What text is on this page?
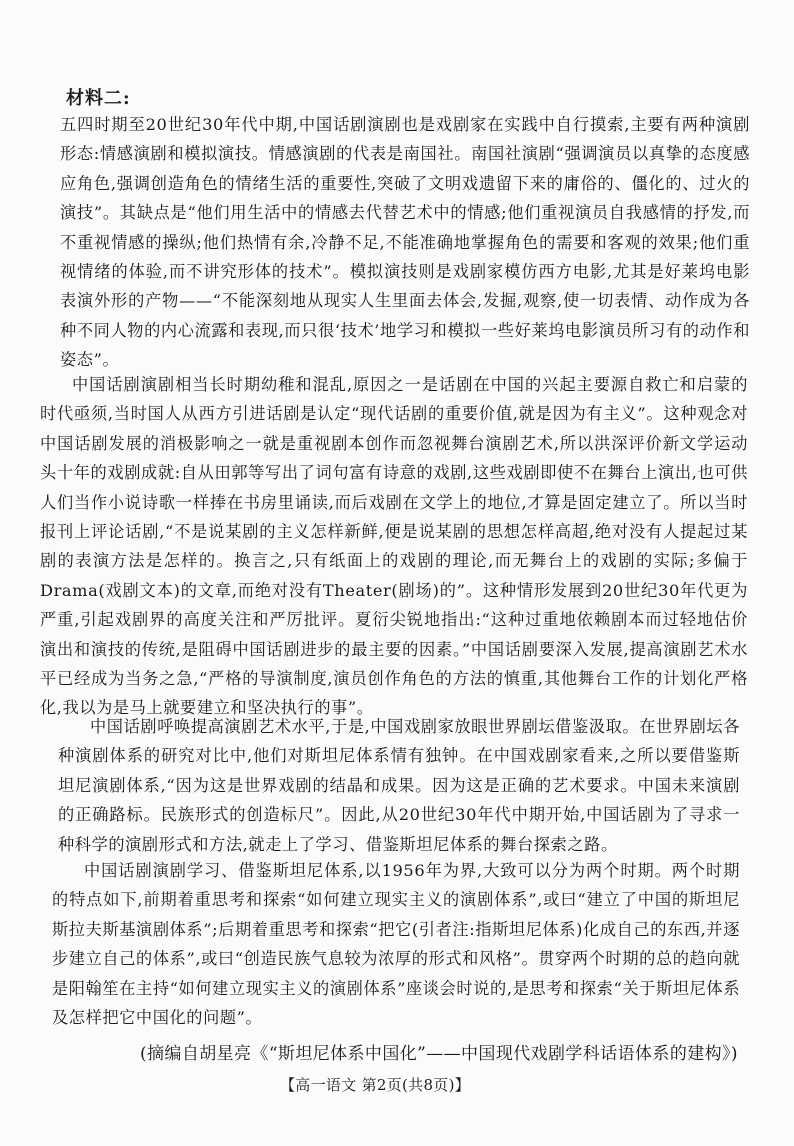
材料二:

五四时期至20世纪30年代中期,中国话剧演剧也是戏剧家在实践中自行摸索,主要有两种演剧形态:情感演剧和模拟演技。情感演剧的代表是南国社。南国社演剧“强调演员以真挚的态度感应角色,强调创造角色的情绪生活的重要性,突破了文明戏遗留下来的庸俗的、僵化的、过火的演技”。其缺点是“他们用生活中的情感去代替艺术中的情感;他们重视演员自我感情的抒发,而不重视情感的操纵;他们热情有余,冷静不足,不能准确地掌握角色的需要和客观的效果;他们重视情绪的体验,而不讲究形体的技术”。模拟演技则是戏剧家模仿西方电影,尤其是好莱坞电影表演外形的产物——“不能深刻地从现实人生里面去体会,发掘,观察,使一切表情、动作成为各种不同人物的内心流露和表现,而只很‘技术’地学习和模拟一些好莱坞电影演员所习有的动作和姿态”。

中国话剧演剧相当长时期幼稚和混乱,原因之一是话剧在中国的兴起主要源自救亡和启蒙的时代亟须,当时国人从西方引进话剧是认定“现代话剧的重要价值,就是因为有主义”。这种观念对中国话剧发展的消极影响之一就是重视剧本创作而忽视舞台演剧艺术,所以洪深评价新文学运动头十年的戏剧成就:自从田郭等写出了词句富有诗意的戏剧,这些戏剧即使不在舞台上演出,也可供人们当作小说诗歌一样捧在书房里诵读,而后戏剧在文学上的地位,才算是固定建立了。所以当时报刊上评论话剧,“不是说某剧的主义怎样新鲜,便是说某剧的思想怎样高超,绝对没有人提起过某剧的表演方法是怎样的。换言之,只有纸面上的戏剧的理论,而无舞台上的戏剧的实际;多偏于Drama(戏剧文本)的文章,而绝对没有Theater(剧场)的”。这种情形发展到20世纪30年代更为严重,引起戏剧界的高度关注和严厉批评。夏衍尖锐地指出:“这种过重地依赖剧本而过轻地估价演出和演技的传统,是阻碍中国话剧进步的最主要的因素。”中国话剧要深入发展,提高演剧艺术水平已经成为当务之急,“严格的导演制度,演员创作角色的方法的慎重,其他舞台工作的计划化严格化,我以为是马上就要建立和坚决执行的事”。

中国话剧呼唤提高演剧艺术水平,于是,中国戏剧家放眼世界剧坛借鉴汲取。在世界剧坛各种演剧体系的研究对比中,他们对斯坦尼体系情有独钟。在中国戏剧家看来,之所以要借鉴斯坦尼演剧体系,“因为这是世界戏剧的结晶和成果。因为这是正确的艺术要求。中国未来演剧的正确路标。民族形式的创造标尺”。因此,从20世纪30年代中期开始,中国话剧为了寻求一种科学的演剧形式和方法,就走上了学习、借鉴斯坦尼体系的舞台探索之路。

中国话剧演剧学习、借鉴斯坦尼体系,以1956年为界,大致可以分为两个时期。两个时期的特点如下,前期着重思考和探索“如何建立现实主义的演剧体系”,或曰“建立了中国的斯坦尼斯拉夫斯基演剧体系”;后期着重思考和探索“把它(引者注:指斯坦尼体系)化成自己的东西,并逐步建立自己的体系”,或曰“创造民族气息较为浓厚的形式和风格”。贯穿两个时期的总的趋向就是阳翰笙在主持“如何建立现实主义的演剧体系”座谈会时说的,是思考和探索“关于斯坦尼体系及怎样把它中国化的问题”。

(摘编自胡星亮《“斯坦尼体系中国化”——中国现代戏剧学科话语体系的建构》)
【高一语文 第2页(共8页)】
